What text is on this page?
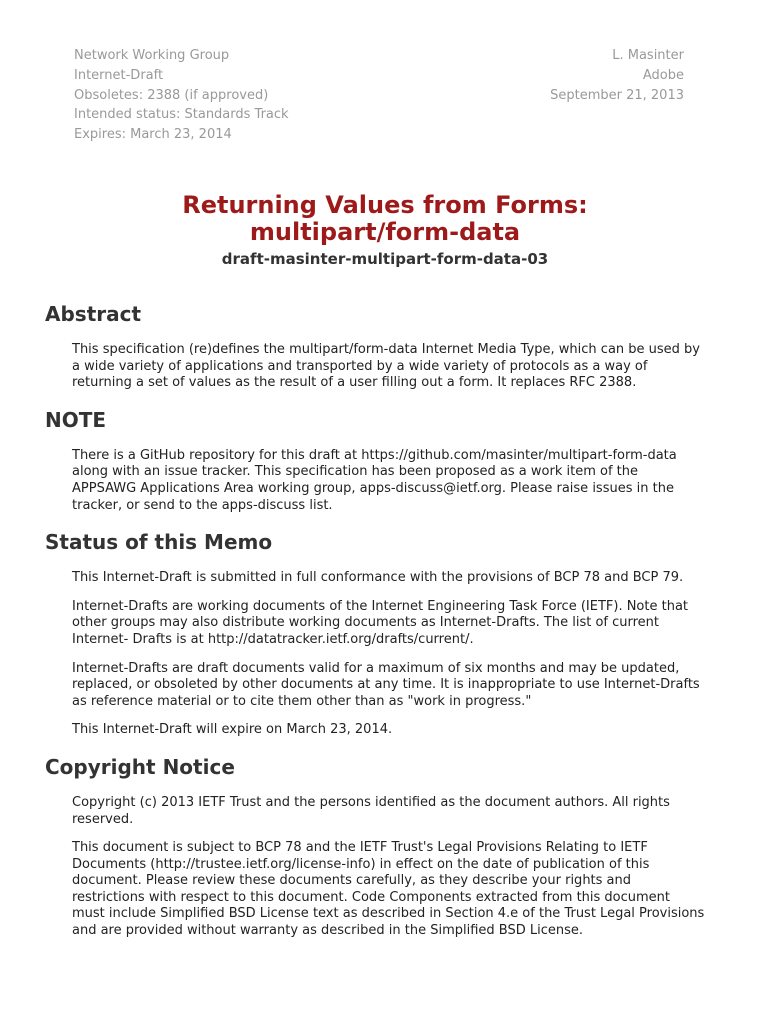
Network Working Group
Internet-Draft
Obsoletes: 2388 (if approved)
Intended status: Standards Track
Expires: March 23, 2014
L. Masinter
Adobe
September 21, 2013
Returning Values from Forms:
multipart/form-data
draft-masinter-multipart-form-data-03
Abstract

This specification (re)defines the multipart/form-data Internet Media Type, which can be used by a wide variety of applications and transported by a wide variety of protocols as a way of returning a set of values as the result of a user filling out a form. It replaces RFC 2388.

NOTE

There is a GitHub repository for this draft at https://github.com/masinter/multipart-form-data along with an issue tracker. This specification has been proposed as a work item of the APPSAWG Applications Area working group, apps-discuss@ietf.org. Please raise issues in the tracker, or send to the apps-discuss list.

Status of this Memo

This Internet-Draft is submitted in full conformance with the provisions of BCP 78 and BCP 79.

Internet-Drafts are working documents of the Internet Engineering Task Force (IETF). Note that other groups may also distribute working documents as Internet-Drafts. The list of current Internet- Drafts is at http://datatracker.ietf.org/drafts/current/.

Internet-Drafts are draft documents valid for a maximum of six months and may be updated, replaced, or obsoleted by other documents at any time. It is inappropriate to use Internet-Drafts as reference material or to cite them other than as "work in progress."

This Internet-Draft will expire on March 23, 2014.

Copyright Notice

Copyright (c) 2013 IETF Trust and the persons identified as the document authors. All rights reserved.

This document is subject to BCP 78 and the IETF Trust's Legal Provisions Relating to IETF Documents (http://trustee.ietf.org/license-info) in effect on the date of publication of this document. Please review these documents carefully, as they describe your rights and restrictions with respect to this document. Code Components extracted from this document must include Simplified BSD License text as described in Section 4.e of the Trust Legal Provisions and are provided without warranty as described in the Simplified BSD License.
